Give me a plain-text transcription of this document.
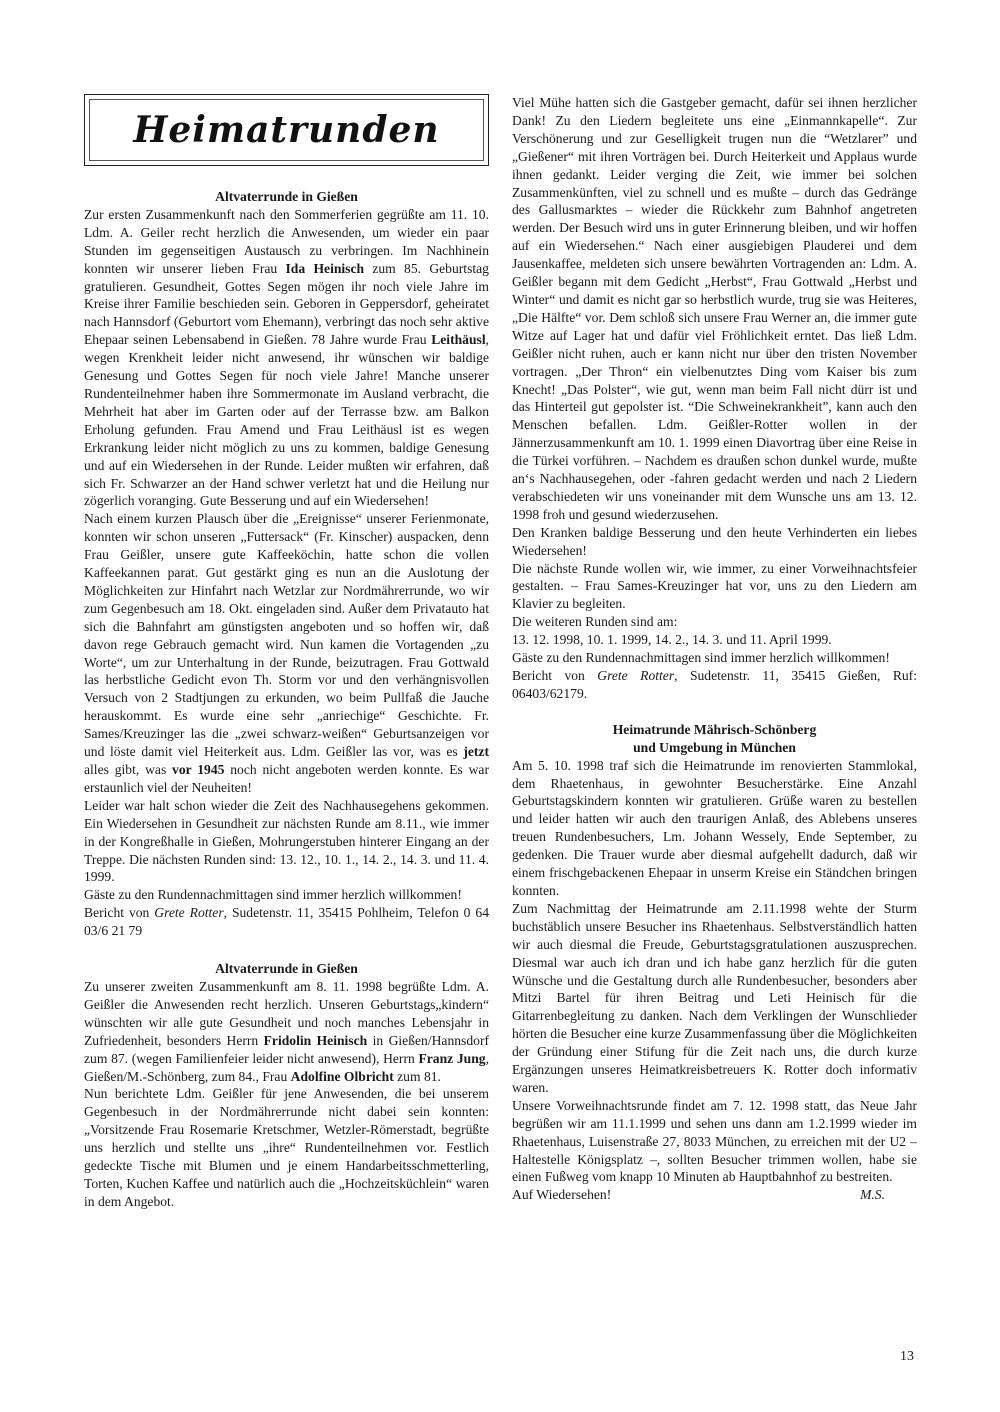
Heimatrunden
Altvaterrunde in Gießen

Zur ersten Zusammenkunft nach den Sommerferien gegrüßte am 11. 10. Ldm. A. Geiler recht herzlich die Anwesenden, um wieder ein paar Stunden im gegenseitigen Austausch zu verbringen. Im Nachhinein konnten wir unserer lieben Frau Ida Heinisch zum 85. Geburtstag gratulieren. Gesundheit, Gottes Segen mögen ihr noch viele Jahre im Kreise ihrer Familie beschieden sein. Geboren in Geppersdorf, geheiratet nach Hannsdorf (Geburtort vom Ehemann), verbringt das noch sehr aktive Ehepaar seinen Lebensabend in Gießen. 78 Jahre wurde Frau Leithäusl, wegen Krenkheit leider nicht anwesend, ihr wünschen wir baldige Genesung und Gottes Segen für noch viele Jahre! Manche unserer Rundenteilnehmer haben ihre Sommermonate im Ausland verbracht, die Mehrheit hat aber im Garten oder auf der Terrasse bzw. am Balkon Erholung gefunden. Frau Amend und Frau Leithäusl ist es wegen Erkrankung leider nicht möglich zu uns zu kommen, baldige Genesung und auf ein Wiedersehen in der Runde. Leider mußten wir erfahren, daß sich Fr. Schwarzer an der Hand schwer verletzt hat und die Heilung nur zögerlich voranging. Gute Besserung und auf ein Wiedersehen!

Nach einem kurzen Plausch über die „Ereignisse“ unserer Ferienmonate, konnten wir schon unseren „Futtersack“ (Fr. Kinscher) auspacken, denn Frau Geißler, unsere gute Kaffeeköchin, hatte schon die vollen Kaffeekannen parat. Gut gestärkt ging es nun an die Auslotung der Möglichkeiten zur Hinfahrt nach Wetzlar zur Nordmährerrunde, wo wir zum Gegenbesuch am 18. Okt. eingeladen sind. Außer dem Privatauto hat sich die Bahnfahrt am günstigsten angeboten und so hoffen wir, daß davon rege Gebrauch gemacht wird. Nun kamen die Vortagenden „zu Worte“, um zur Unterhaltung in der Runde, beizutragen. Frau Gottwald las herbstliche Gedicht evon Th. Storm vor und den verhängnisvollen Versuch von 2 Stadtjungen zu erkunden, wo beim Pullfaß die Jauche herauskommt. Es wurde eine sehr „anriechige“ Geschichte. Fr. Sames/Kreuzinger las die „zwei schwarz-weißen“ Geburtsanzeigen vor und löste damit viel Heiterkeit aus. Ldm. Geißler las vor, was es jetzt alles gibt, was vor 1945 noch nicht angeboten werden konnte. Es war erstaunlich viel der Neuheiten!

Leider war halt schon wieder die Zeit des Nachhausegehens gekommen. Ein Wiedersehen in Gesundheit zur nächsten Runde am 8.11., wie immer in der Kongreßhalle in Gießen, Mohrungerstuben hinterer Eingang an der Treppe. Die nächsten Runden sind: 13. 12., 10. 1., 14. 2., 14. 3. und 11. 4. 1999.

Gäste zu den Rundennachmittagen sind immer herzlich willkommen!

Bericht von Grete Rotter, Sudetenstr. 11, 35415 Pohlheim, Telefon 0 64 03/6 21 79

Altvaterrunde in Gießen

Zu unserer zweiten Zusammenkunft am 8. 11. 1998 begrüßte Ldm. A. Geißler die Anwesenden recht herzlich. Unseren Geburtstags„kindern“ wünschten wir alle gute Gesundheit und noch manches Lebensjahr in Zufriedenheit, besonders Herrn Fridolin Heinisch in Gießen/Hannsdorf zum 87. (wegen Familienfeier leider nicht anwesend), Herrn Franz Jung, Gießen/M.-Schönberg, zum 84., Frau Adolfine Olbricht zum 81.

Nun berichtete Ldm. Geißler für jene Anwesenden, die bei unserem Gegenbesuch in der Nordmährerrunde nicht dabei sein konnten: „Vorsitzende Frau Rosemarie Kretschmer, Wetzler-Römerstadt, begrüßte uns herzlich und stellte uns „ihre“ Rundenteilnehmen vor. Festlich gedeckte Tische mit Blumen und je einem Handarbeitsschmetterling, Torten, Kuchen Kaffee und natürlich auch die „Hochzeitsküchlein“ waren in dem Angebot.

Viel Mühe hatten sich die Gastgeber gemacht, dafür sei ihnen herzlicher Dank! Zu den Liedern begleitete uns eine „Einmannkapelle“. Zur Verschönerung und zur Geselligkeit trugen nun die “Wetzlarer” und „Gießener“ mit ihren Vorträgen bei. Durch Heiterkeit und Applaus wurde ihnen gedankt. Leider verging die Zeit, wie immer bei solchen Zusammenkünften, viel zu schnell und es mußte – durch das Gedränge des Gallusmarktes – wieder die Rückkehr zum Bahnhof angetreten werden. Der Besuch wird uns in guter Erinnerung bleiben, und wir hoffen auf ein Wiedersehen.“ Nach einer ausgiebigen Plauderei und dem Jausenkaffee, meldeten sich unsere bewährten Vortragenden an: Ldm. A. Geißler begann mit dem Gedicht „Herbst“, Frau Gottwald „Herbst und Winter“ und damit es nicht gar so herbstlich wurde, trug sie was Heiteres, „Die Hälfte“ vor. Dem schloß sich unsere Frau Werner an, die immer gute Witze auf Lager hat und dafür viel Fröhlichkeit erntet. Das ließ Ldm. Geißler nicht ruhen, auch er kann nicht nur über den tristen November vortragen. „Der Thron“ ein vielbenutztes Ding vom Kaiser bis zum Knecht! „Das Polster“, wie gut, wenn man beim Fall nicht dürr ist und das Hinterteil gut gepolster ist. “Die Schweinekrankheit”, kann auch den Menschen befallen. Ldm. Geißler-Rotter wollen in der Jännerzusammenkunft am 10. 1. 1999 einen Diavortrag über eine Reise in die Türkei vorführen. – Nachdem es draußen schon dunkel wurde, mußte an‘s Nachhausegehen, oder -fahren gedacht werden und nach 2 Liedern verabschiedeten wir uns voneinander mit dem Wunsche uns am 13. 12. 1998 froh und gesund wiederzusehen.

Den Kranken baldige Besserung und den heute Verhinderten ein liebes Wiedersehen!

Die nächste Runde wollen wir, wie immer, zu einer Vorweihnachtsfeier gestalten. – Frau Sames-Kreuzinger hat vor, uns zu den Liedern am Klavier zu begleiten.

Die weiteren Runden sind am:

13. 12. 1998, 10. 1. 1999, 14. 2., 14. 3. und 11. April 1999.

Gäste zu den Rundennachmittagen sind immer herzlich willkommen!

Bericht von Grete Rotter, Sudetenstr. 11, 35415 Gießen, Ruf: 06403/62179.

Heimatrunde Mährisch-Schönberg
und Umgebung in München

Am 5. 10. 1998 traf sich die Heimatrunde im renovierten Stammlokal, dem Rhaetenhaus, in gewohnter Besucherstärke. Eine Anzahl Geburtstagskindern konnten wir gratulieren. Grüße waren zu bestellen und leider hatten wir auch den traurigen Anlaß, des Ablebens unseres treuen Rundenbesuchers, Lm. Johann Wessely, Ende September, zu gedenken. Die Trauer wurde aber diesmal aufgehellt dadurch, daß wir einem frischgebackenen Ehepaar in unserm Kreise ein Ständchen bringen konnten.

Zum Nachmittag der Heimatrunde am 2.11.1998 wehte der Sturm buchstäblich unsere Besucher ins Rhaetenhaus. Selbstverständlich hatten wir auch diesmal die Freude, Geburtstagsgratulationen auszusprechen. Diesmal war auch ich dran und ich habe ganz herzlich für die guten Wünsche und die Gestaltung durch alle Rundenbesucher, besonders aber Mitzi Bartel für ihren Beitrag und Leti Heinisch für die Gitarrenbegleitung zu danken. Nach dem Verklingen der Wunschlieder hörten die Besucher eine kurze Zusammenfassung über die Möglichkeiten der Gründung einer Stifung für die Zeit nach uns, die durch kurze Ergänzungen unseres Heimatkreisbetreuers K. Rotter doch informativ waren.

Unsere Vorweihnachtsrunde findet am 7. 12. 1998 statt, das Neue Jahr begrüßen wir am 11.1.1999 und sehen uns dann am 1.2.1999 wieder im Rhaetenhaus, Luisenstraße 27, 8033 München, zu erreichen mit der U2 – Haltestelle Königsplatz –, sollten Besucher trimmen wollen, habe sie einen Fußweg vom knapp 10 Minuten ab Hauptbahnhof zu bestreiten.

Auf Wiedersehen!	M.S.
13
